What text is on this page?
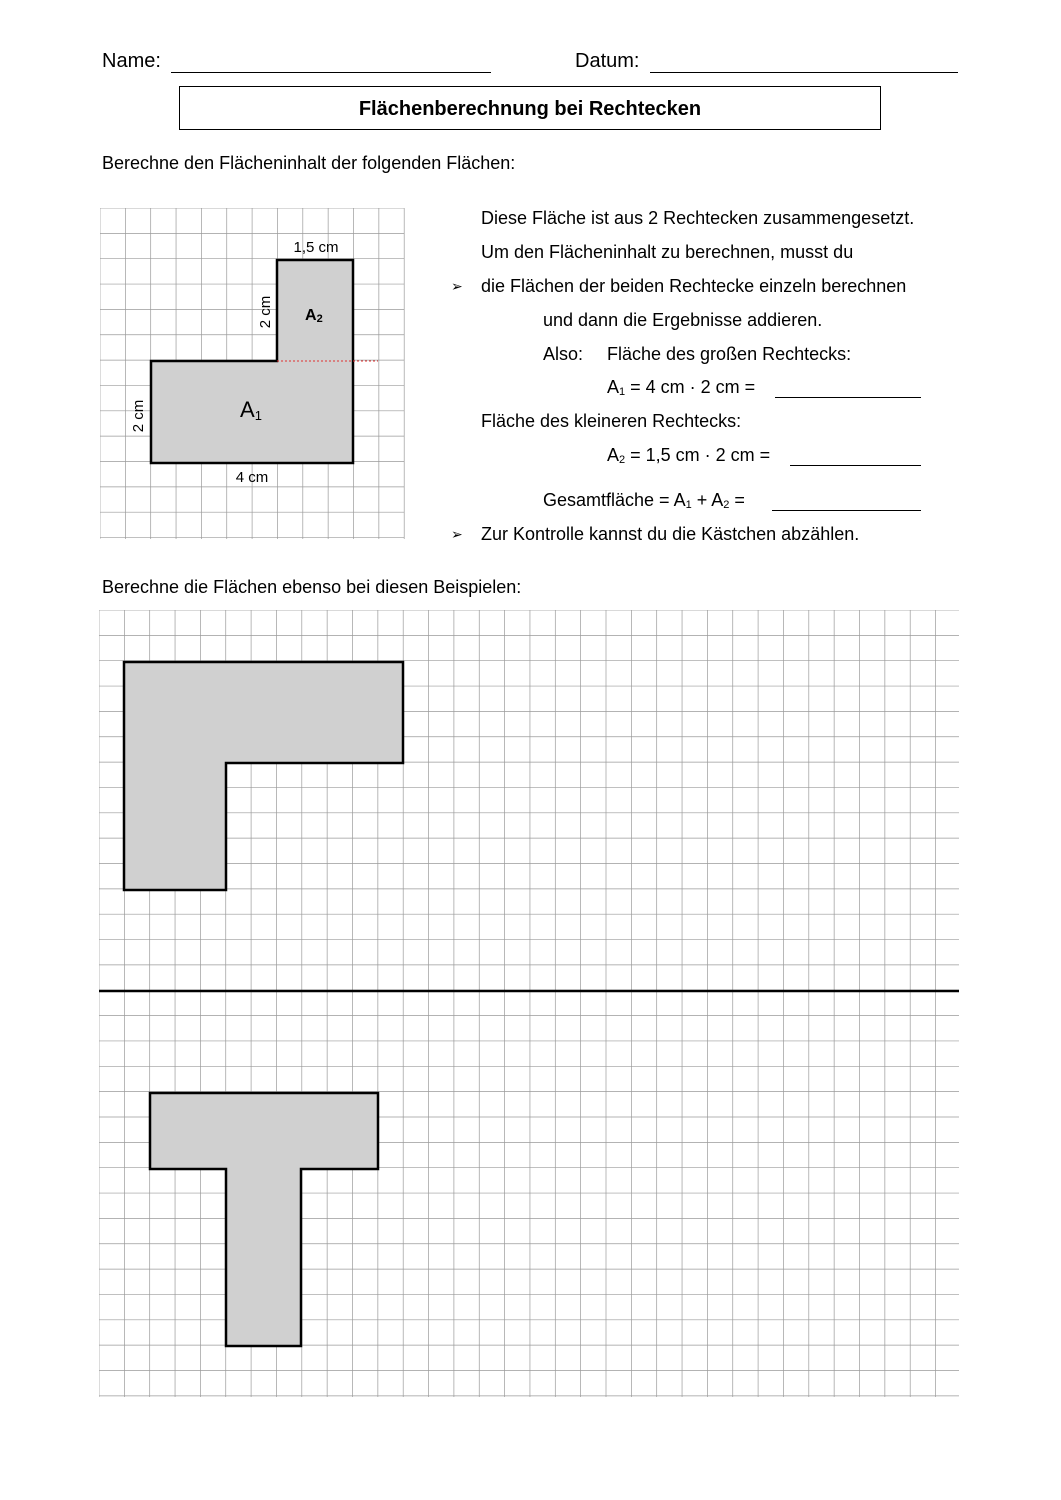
Name:	Datum:
Flächenberechnung bei Rechtecken
Berechne den Flächeninhalt der folgenden Flächen:
1,5 cm
2 cm A2
A1
2 cm
4 cm
Diese Fläche ist aus 2 Rechtecken zusammengesetzt.
Um den Flächeninhalt zu berechnen, musst du
➢ die Flächen der beiden Rechtecke einzeln berechnen
und dann die Ergebnisse addieren.
Also: Fläche des großen Rechtecks:
$A_1 = 4$ cm · 2 cm =
Fläche des kleineren Rechtecks:
$A_2 = 1,5$ cm · 2 cm =
Gesamtfläche = $A_1 + A_2$ =
➢ Zur Kontrolle kannst du die Kästchen abzählen.
Berechne die Flächen ebenso bei diesen Beispielen:
